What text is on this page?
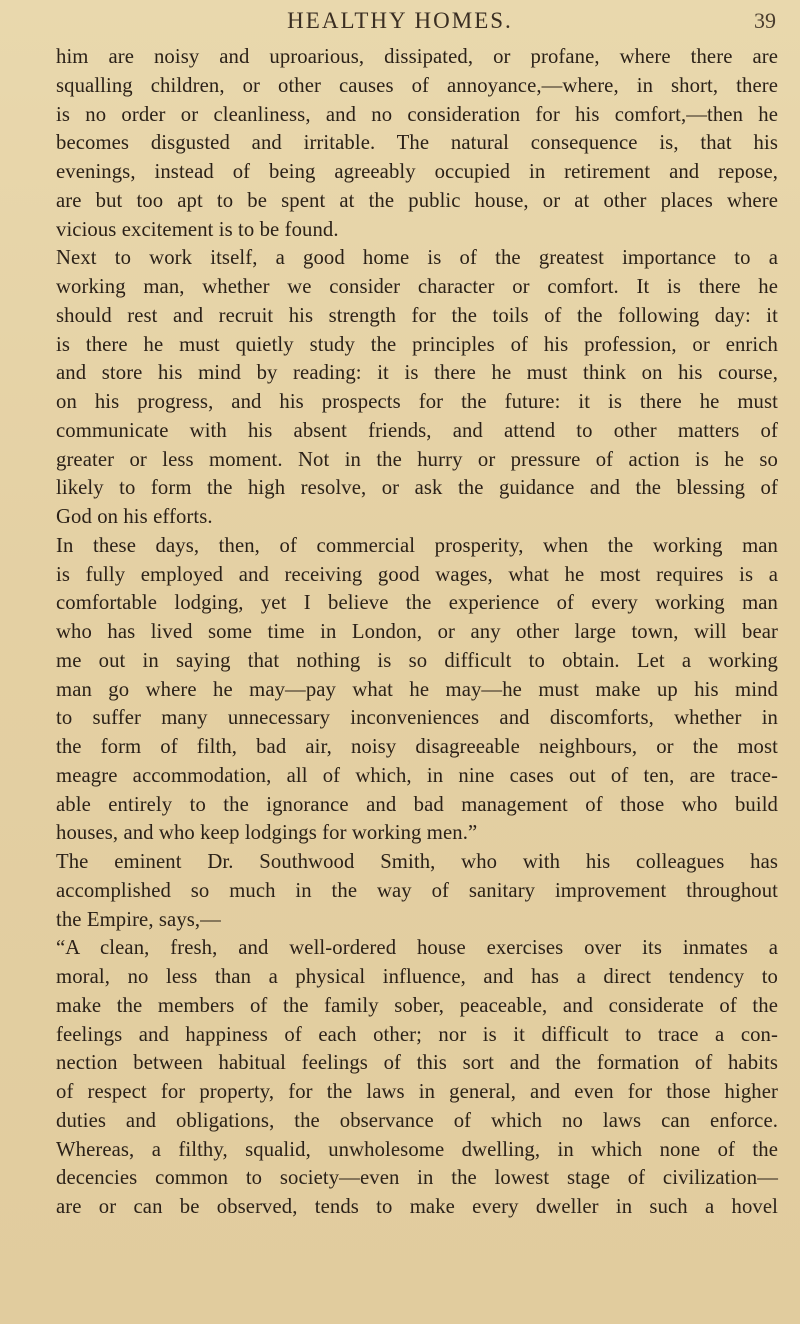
HEALTHY HOMES.	39
him are noisy and uproarious, dissipated, or profane, where there are
squalling children, or other causes of annoyance,—where, in short, there
is no order or cleanliness, and no consideration for his comfort,—then he
becomes disgusted and irritable. The natural consequence is, that his
evenings, instead of being agreeably occupied in retirement and repose,
are but too apt to be spent at the public house, or at other places where
vicious excitement is to be found.
Next to work itself, a good home is of the greatest importance to a
working man, whether we consider character or comfort. It is there he
should rest and recruit his strength for the toils of the following day: it
is there he must quietly study the principles of his profession, or enrich
and store his mind by reading: it is there he must think on his course,
on his progress, and his prospects for the future: it is there he must
communicate with his absent friends, and attend to other matters of
greater or less moment. Not in the hurry or pressure of action is he so
likely to form the high resolve, or ask the guidance and the blessing of
God on his efforts.
In these days, then, of commercial prosperity, when the working man
is fully employed and receiving good wages, what he most requires is a
comfortable lodging, yet I believe the experience of every working man
who has lived some time in London, or any other large town, will bear
me out in saying that nothing is so difficult to obtain. Let a working
man go where he may—pay what he may—he must make up his mind
to suffer many unnecessary inconveniences and discomforts, whether in
the form of filth, bad air, noisy disagreeable neighbours, or the most
meagre accommodation, all of which, in nine cases out of ten, are trace-
able entirely to the ignorance and bad management of those who build
houses, and who keep lodgings for working men.”
The eminent Dr. Southwood Smith, who with his colleagues has
accomplished so much in the way of sanitary improvement throughout
the Empire, says,—
“A clean, fresh, and well-ordered house exercises over its inmates a
moral, no less than a physical influence, and has a direct tendency to
make the members of the family sober, peaceable, and considerate of the
feelings and happiness of each other; nor is it difficult to trace a con-
nection between habitual feelings of this sort and the formation of habits
of respect for property, for the laws in general, and even for those higher
duties and obligations, the observance of which no laws can enforce.
Whereas, a filthy, squalid, unwholesome dwelling, in which none of the
decencies common to society—even in the lowest stage of civilization—
are or can be observed, tends to make every dweller in such a hovel
